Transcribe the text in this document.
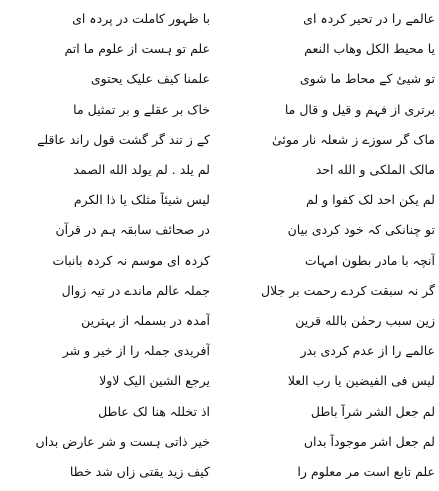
عالمے را در تحیر کردہ ای
با ظہور کاملت در پردہ ای
یا محیط الکل وهاب النعم
علم تو ہست از علوم ما اتم
تو شیئ کے محاط ما شوی
علمنا کیف علیک یحتوی
برتری از فہم و قیل و قال ما
خاک بر عقلے و بر تمثیل ما
ماک گر سوزے ز شعلہ نار موئیٰ
کے ز تند گر گشت قول راند عاقلے
مالک الملکی و الله احد
لم یلد . لم یولد الله الصمد
لم یکن احد لک کفوا و لم
لیس شیئاً مثلک یا ذا الکرم
تو چنانکی کہ خود کردی بیان
در صحائف سابقہ ہم در قرآن
آنچہ با مادر بطون امہات
کردہ ای موسم نہ کردہ بانبات
گر نہ سبقت کردے رحمت بر جلال
جملہ عالم ماندے در تیہ زوال
زین سبب رحمٰن بالله قرین
آمدہ در بسملہ از بہترین
عالمے را از عدم کردی بدر
آفریدی جملہ را از خیر و شر
لیس فی الفیضین یا رب العلا
یرجع الشین الیک لاولا
لم جعل الشر شراً باطل
اذ تخللہ هنا لک عاطل
لم جعل اشر موجوداً بداں
خیر ذاتی ہست و شر عارض بداں
علم تابع است مر معلوم را
کیف زید یقتی زاں شد خطا
